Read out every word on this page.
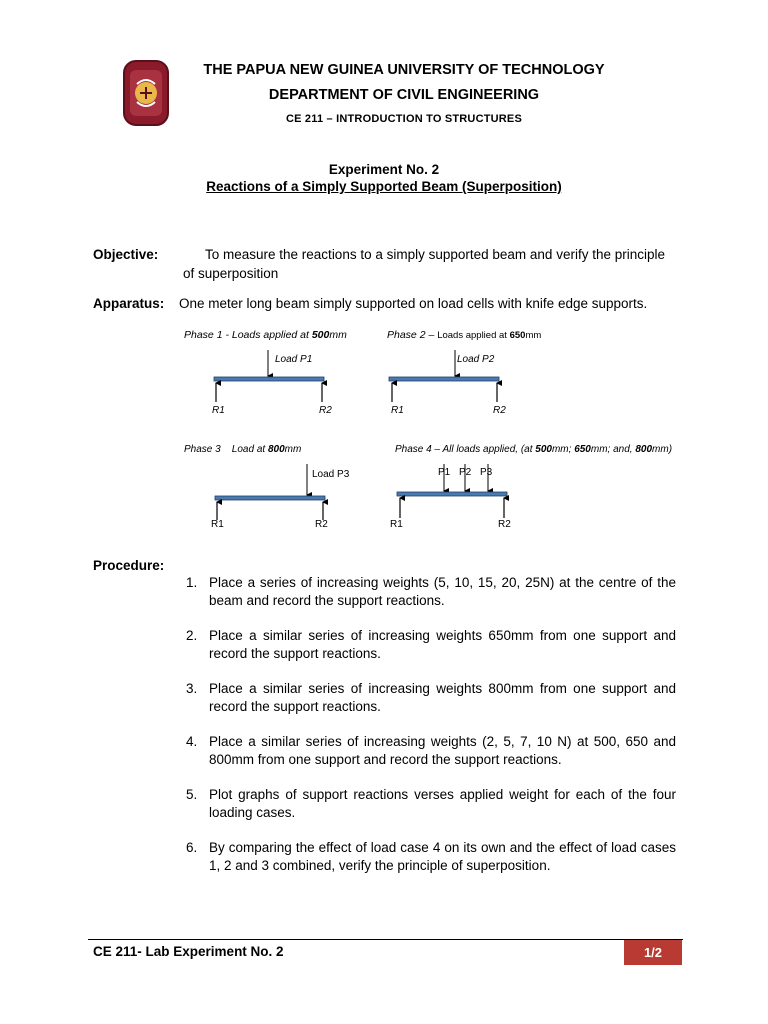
THE PAPUA NEW GUINEA UNIVERSITY OF TECHNOLOGY
DEPARTMENT OF CIVIL ENGINEERING
CE 211 – INTRODUCTION TO STRUCTURES
Experiment No. 2
Reactions of a Simply Supported Beam (Superposition)
Objective:	To measure the reactions to a simply supported beam and verify the principle
of superposition
Apparatus: One meter long beam simply supported on load cells with knife edge supports.
Phase 1 - Loads applied at 500mm
Load P1
R1	R2
Phase 2 – Loads applied at 650mm
Load P2
R1	R2
Phase 3    Load at 800mm
Load P3
R1	R2
Phase 4 – All loads applied, (at 500mm; 650mm; and, 800mm)
P1 P2 P3
R1	R2
Procedure:
1. Place a series of increasing weights (5, 10, 15, 20, 25N) at the centre of the beam and record the support reactions.
2. Place a similar series of increasing weights 650mm from one support and record the support reactions.
3. Place a similar series of increasing weights 800mm from one support and record the support reactions.
4. Place a similar series of increasing weights (2, 5, 7, 10 N) at 500, 650 and 800mm from one support and record the support reactions.
5. Plot graphs of support reactions verses applied weight for each of the four loading cases.
6. By comparing the effect of load case 4 on its own and the effect of load cases 1, 2 and 3 combined, verify the principle of superposition.
CE 211- Lab Experiment No. 2	1/2
